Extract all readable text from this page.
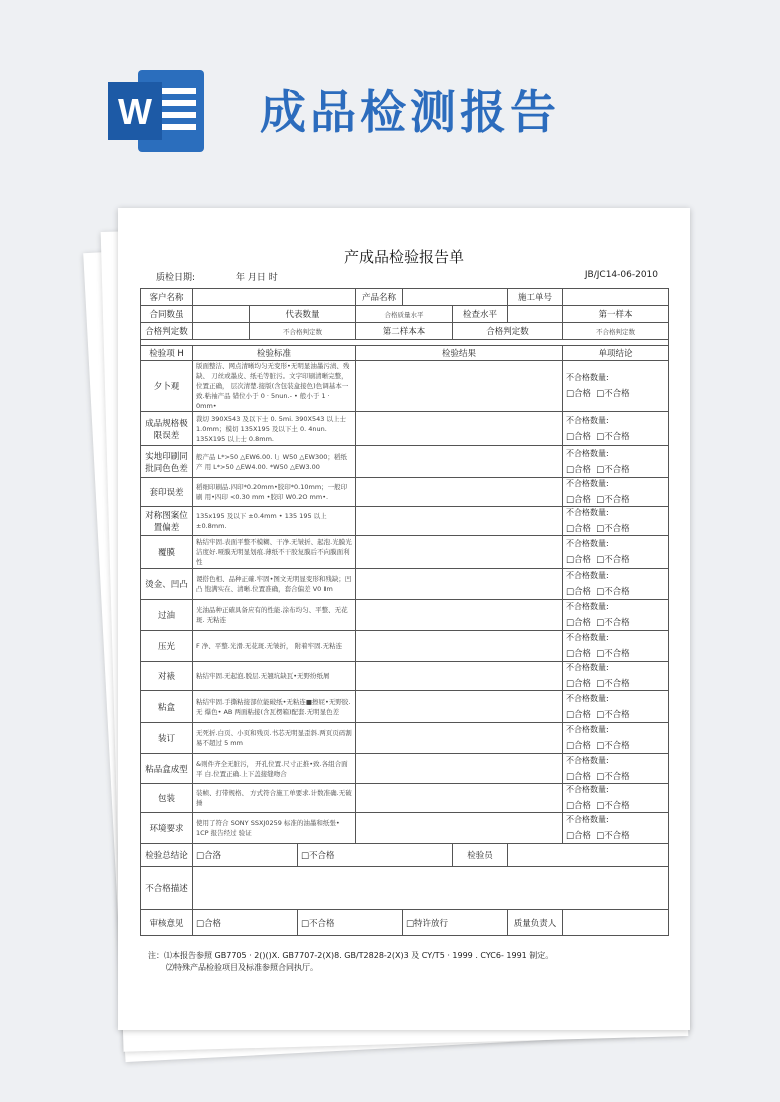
W 成品检测报告
产成品检验报告单
质检日期:	年 月日 时	JB/JC14-06-2010
客户名称				产品名称			施工单号	
合同数虽		代表数量		合格质量水平		检查水平		第一样本
合格判定数		不合格判定数		第二样本本		合格判定数		不合格判定数

检验项 H	检验标准			检验结果				单项结论
夕卜观	版面整洁、网点清晰均匀无变形•无明显油墨污渍、残缺、 刀丝或墨皮、纸毛等脏污。文字印刷清晰完整，位置正确， 层次清楚.接版(含包装盒接色)色调基本一致.粘袖产品 错位小于 0 · 5nun.- • 般小于 1 · 0mm•							不合格数量:
□合格 □不合格

成品规格极限误差	裁切 390X543 及以下士 0. 5mi. 390X543 以上士 1.0mm；模切 135X195 及以下土 0. 4nun. 135X195 以上士 0.8mm.							不合格数量:
□合格 □不合格

实地印刷同批同色色差	般产品 L*>50 △EW6.00. l」W50 △EW300；稻纸产 用 L*>50 △EW4.00. *W50 △EW3.00							不合格数量:
□合格 □不合格

套印误差	稻细印刷品.四印*0.20mm•胶印*0.10mm；一般印刷 用•四印 <0.30 mm •胶印 W0.2O mm•.							不合格数量:
□合格 □不合格

对称图案位置偏差	135x195 及以下 ±0.4mm • 135 195 以上 ±0.8mm.							不合格数量:
□合格 □不合格

覆膜	粘结牢固.表面平整不模糊、干净.无皱折、起泡.光膜光 洁度好.哑膜无明显划痕.薄纸不干胶复膜后不向膜面利性							不合格数量:
□合格 □不合格

烫金、凹凸	谡搭色相、品种正確.牢固•图文无明显变形和残缺；凹凸 饱满实在、清晰.位置准确，套合偏差 V0 Ⅱm							不合格数量:
□合格 □不合格

过油	光油品种正確具备应有的性能.涂布均匀、平整、无花斑. 无粘连							不合格数量:
□合格 □不合格

压光	F 净、平整.光滑.无花斑.无皱折， 附着牢固.无粘连							不合格数量:
□合格 □不合格

对裱	粘结牢固.无起泡.脱层.无翘坑缺瓦•无野纷纸屑							不合格数量:
□合格 □不合格

粘盒	粘结牢固.手撕粘接部位能破纸•无粘连■擦屁•无野胶.无 爆色• AB 两面粘接(含瓦楞箱)配套.无明显色差							不合格数量:
□合格 □不合格

装订	无死折.白页、小页和残页.书芯无明显歪斜.两页页码割 易不超过 5 mm							不合格数量:
□合格 □不合格

粘品盒成型	&则件齐全无脏污， 开孔位置.尺寸正推•致.各组合面平 白.位置正确.上下盖接缝吻合							不合格数量:
□合格 □不合格

包装	装帧、打带规格、 方式符合施工单要求.计数准确.无破捶							不合格数量:
□合格 □不合格

环境要求	使用了符合 SONY SSXJ0259 标准的油墨和纸張• 1CP 报告经过 验证							不合格数量:
□合格 □不合格

检验总结论	□合洛		□不合格			检验员		
不合格描述								
审核意见	□合格		□不合格		□特许放行		质量负责人	
注：⑴本报告参照 GB7705 · 2()()X. GB7707-2(X)8. GB/T2828-2(X)3 及 CY/T5 · 1999 . CYC6- 1991 制定。
⑵特殊产品检验项目及标准参照合同执厅。
